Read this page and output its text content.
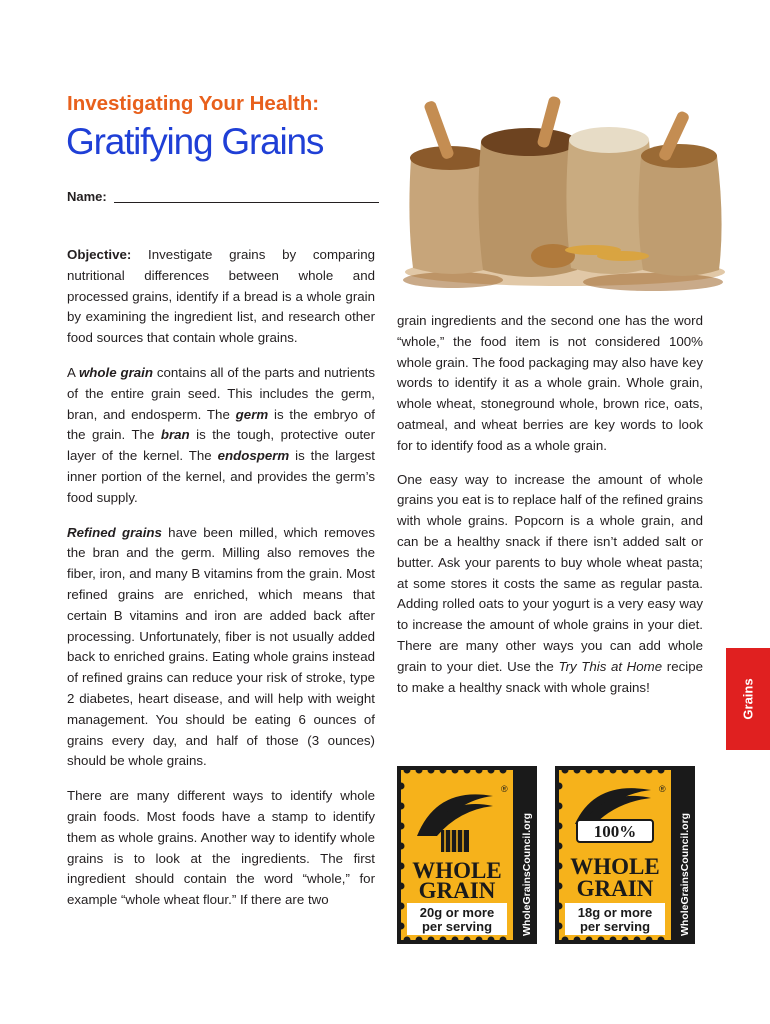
Investigating Your Health:
Gratifying Grains
Name:

Objective: Investigate grains by comparing nutritional differences between whole and processed grains, identify if a bread is a whole grain by examining the ingredient list, and research other food sources that contain whole grains.

A whole grain contains all of the parts and nutrients of the entire grain seed. This includes the germ, bran, and endosperm. The germ is the embryo of the grain. The bran is the tough, protective outer layer of the kernel. The endosperm is the largest inner portion of the kernel, and provides the germ’s food supply.

Refined grains have been milled, which removes the bran and the germ. Milling also removes the fiber, iron, and many B vitamins from the grain. Most refined grains are enriched, which means that certain B vitamins and iron are added back after processing. Unfortunately, fiber is not usually added back to enriched grains. Eating whole grains instead of refined grains can reduce your risk of stroke, type 2 diabetes, heart disease, and will help with weight management. You should be eating 6 ounces of grains every day, and half of those (3 ounces) should be whole grains.

There are many different ways to identify whole grain foods. Most foods have a stamp to identify them as whole grains. Another way to identify whole grains is to look at the ingredients. The first ingredient should contain the word “whole,” for example “whole wheat flour.” If there are two

grain ingredients and the second one has the word “whole,” the food item is not considered 100% whole grain. The food packaging may also have key words to identify it as a whole grain. Whole grain, whole wheat, stoneground whole, brown rice, oats, oatmeal, and wheat berries are key words to look for to identify food as a whole grain.

One easy way to increase the amount of whole grains you eat is to replace half of the refined grains with whole grains. Popcorn is a whole grain, and can be a healthy snack if there isn’t added salt or butter. Ask your parents to buy whole wheat pasta; at some stores it costs the same as regular pasta. Adding rolled oats to your yogurt is a very easy way to increase the amount of whole grains in your diet. There are many other ways you can add whole grain to your diet. Use the Try This at Home recipe to make a healthy snack with whole grains!	Grains
®
WHOLE
GRAIN
20g or more
per serving	WholeGrainsCouncil.org	100%
®
WHOLE
GRAIN
18g or more
per serving	WholeGrainsCouncil.org
